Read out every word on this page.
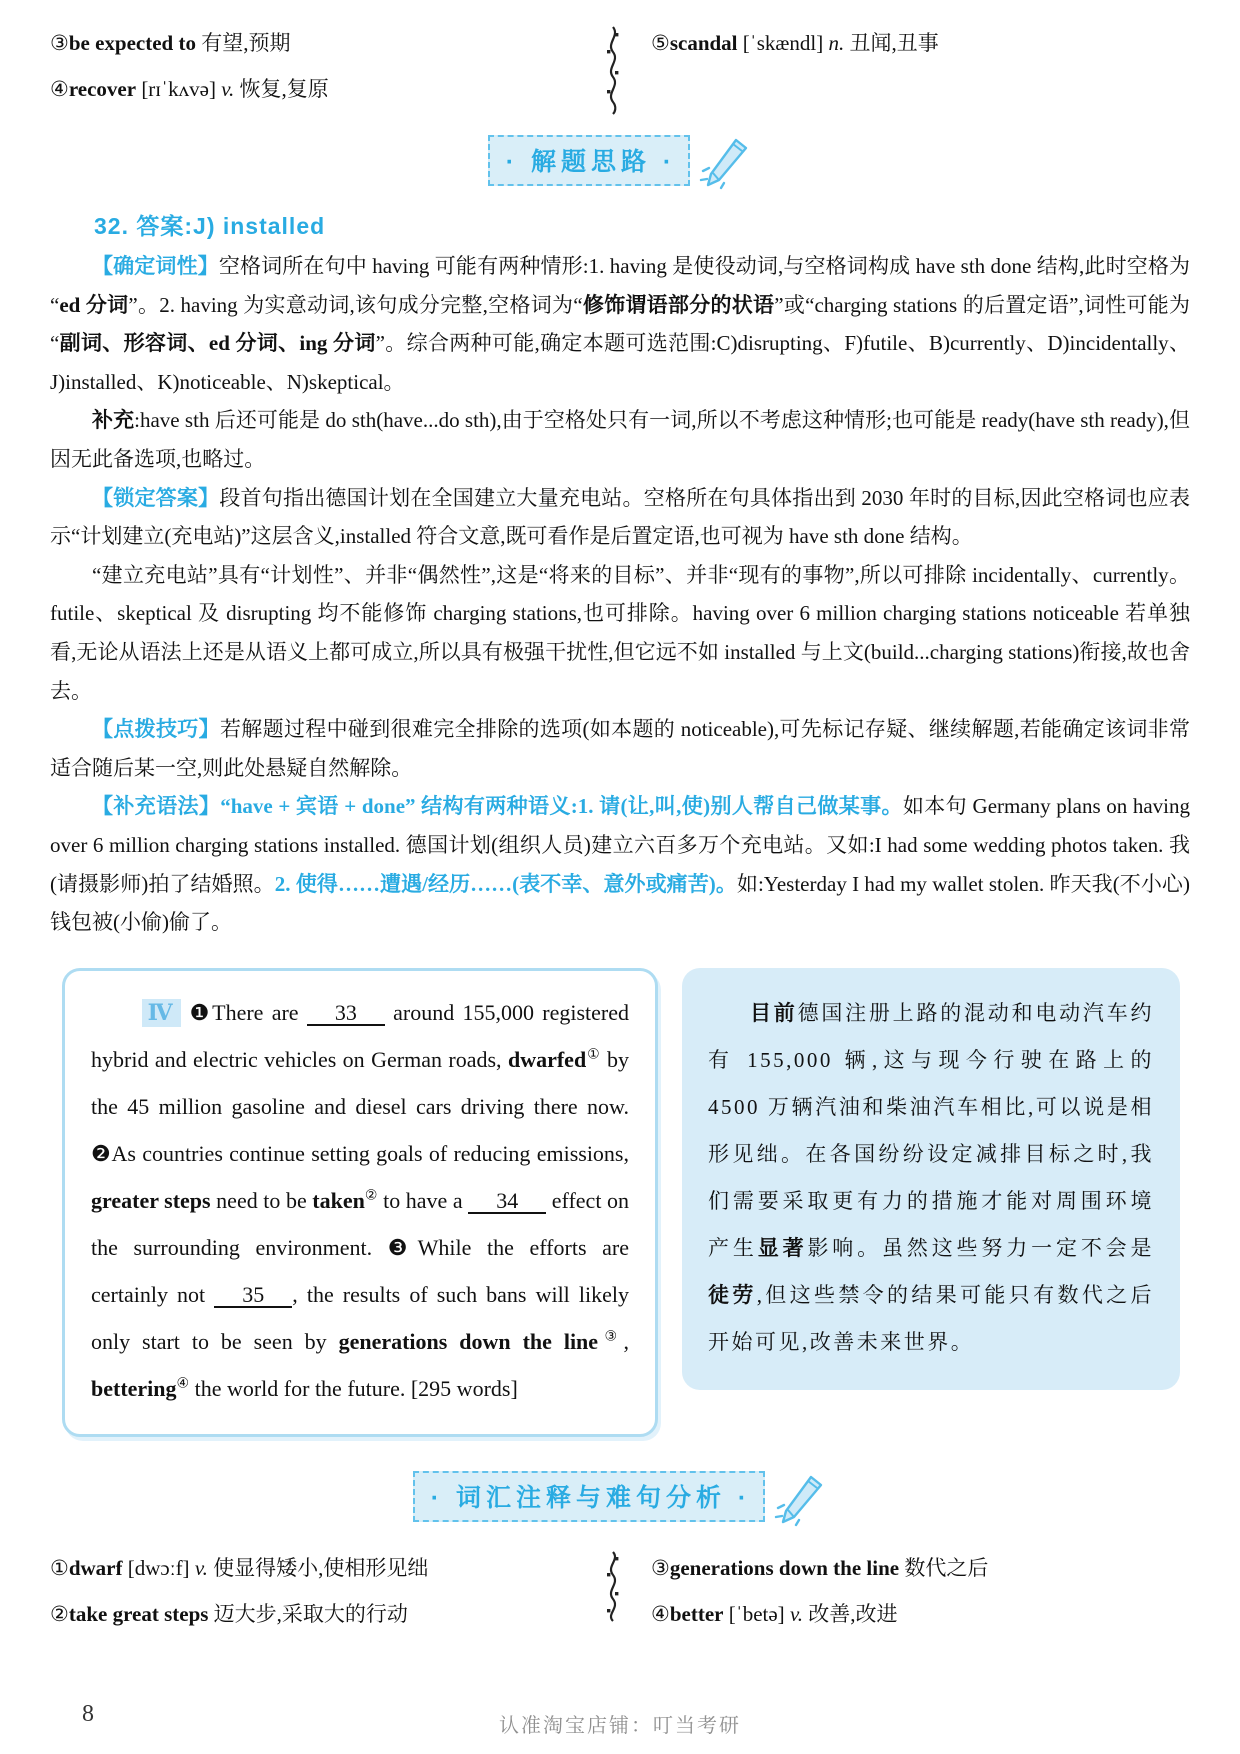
③be expected to 有望,预期
④recover [rɪˈkʌvə] v. 恢复,复原
⑤scandal [ˈskændl] n. 丑闻,丑事
· 解题思路 ·
32. 答案:J) installed

【确定词性】空格词所在句中 having 可能有两种情形:1. having 是使役动词,与空格词构成 have sth done 结构,此时空格为“ed 分词”。2. having 为实意动词,该句成分完整,空格词为“修饰谓语部分的状语”或“charging stations 的后置定语”,词性可能为“副词、形容词、ed 分词、ing 分词”。综合两种可能,确定本题可选范围:C)disrupting、F)futile、B)currently、D)incidentally、J)installed、K)noticeable、N)skeptical。

补充:have sth 后还可能是 do sth(have...do sth),由于空格处只有一词,所以不考虑这种情形;也可能是 ready(have sth ready),但因无此备选项,也略过。

【锁定答案】段首句指出德国计划在全国建立大量充电站。空格所在句具体指出到 2030 年时的目标,因此空格词也应表示“计划建立(充电站)”这层含义,installed 符合文意,既可看作是后置定语,也可视为 have sth done 结构。

“建立充电站”具有“计划性”、并非“偶然性”,这是“将来的目标”、并非“现有的事物”,所以可排除 incidentally、currently。futile、skeptical 及 disrupting 均不能修饰 charging stations,也可排除。having over 6 million charging stations noticeable 若单独看,无论从语法上还是从语义上都可成立,所以具有极强干扰性,但它远不如 installed 与上文(build...charging stations)衔接,故也舍去。

【点拨技巧】若解题过程中碰到很难完全排除的选项(如本题的 noticeable),可先标记存疑、继续解题,若能确定该词非常适合随后某一空,则此处悬疑自然解除。

【补充语法】“have + 宾语 + done” 结构有两种语义:1. 请(让,叫,使)别人帮自己做某事。如本句 Germany plans on having over 6 million charging stations installed. 德国计划(组织人员)建立六百多万个充电站。又如:I had some wedding photos taken. 我(请摄影师)拍了结婚照。2. 使得……遭遇/经历……(表不幸、意外或痛苦)。如:Yesterday I had my wallet stolen. 昨天我(不小心)钱包被(小偷)偷了。

Ⅳ ❶There are 33 around 155,000 registered hybrid and electric vehicles on German roads, dwarfed① by the 45 million gasoline and diesel cars driving there now. ❷As countries continue setting goals of reducing emissions, greater steps need to be taken② to have a 34 effect on the surrounding environment. ❸While the efforts are certainly not 35 , the results of such bans will likely only start to be seen by generations down the line③, bettering④ the world for the future. [295 words]
目前德国注册上路的混动和电动汽车约有 155,000 辆,这与现今行驶在路上的 4500 万辆汽油和柴油汽车相比,可以说是相形见绌。在各国纷纷设定减排目标之时,我们需要采取更有力的措施才能对周围环境产生显著影响。虽然这些努力一定不会是徒劳,但这些禁令的结果可能只有数代之后开始可见,改善未来世界。
· 词汇注释与难句分析 ·
①dwarf [dwɔːf] v. 使显得矮小,使相形见绌
②take great steps 迈大步,采取大的行动
③generations down the line 数代之后
④better [ˈbetə] v. 改善,改进
8	认准淘宝店铺：叮当考研
